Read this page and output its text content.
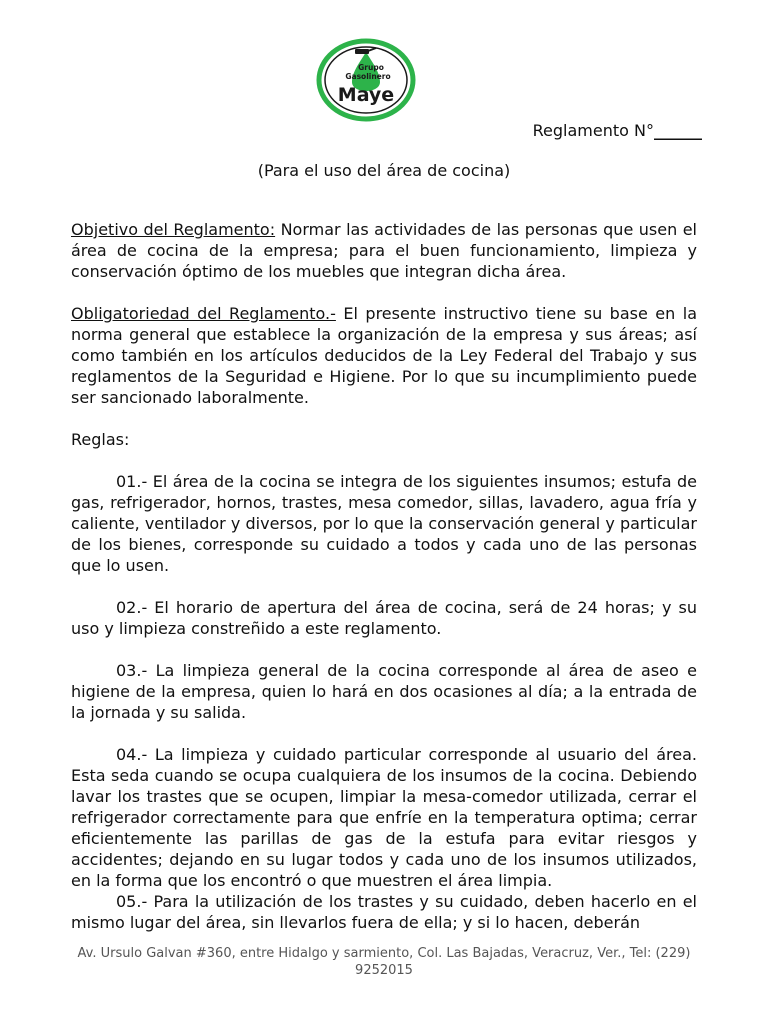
Grupo
Gasolinero
Maye
Reglamento N°______
(Para el uso del área de cocina)

Objetivo del Reglamento: Normar las actividades de las personas que usen el área de cocina de la empresa; para el buen funcionamiento, limpieza y conservación óptimo de los muebles que integran dicha área.

Obligatoriedad del Reglamento.- El presente instructivo tiene su base en la norma general que establece la organización de la empresa y sus áreas; así como también en los artículos deducidos de la Ley Federal del Trabajo y sus reglamentos de la Seguridad e Higiene. Por lo que su incumplimiento puede ser sancionado laboralmente.

Reglas:

01.- El área de la cocina se integra de los siguientes insumos; estufa de gas, refrigerador, hornos, trastes, mesa comedor, sillas, lavadero, agua fría y caliente, ventilador y diversos, por lo que la conservación general y particular de los bienes, corresponde su cuidado a todos y cada uno de las personas que lo usen.

02.- El horario de apertura del área de cocina, será de 24 horas; y su uso y limpieza constreñido a este reglamento.

03.- La limpieza general de la cocina corresponde al área de aseo e higiene de la empresa, quien lo hará en dos ocasiones al día; a la entrada de la jornada y su salida.

04.- La limpieza y cuidado particular corresponde al usuario del área. Esta seda cuando se ocupa cualquiera de los insumos de la cocina. Debiendo lavar los trastes que se ocupen, limpiar la mesa-comedor utilizada, cerrar el refrigerador correctamente para que enfríe en la temperatura optima; cerrar eficientemente las parillas de gas de la estufa para evitar riesgos y accidentes; dejando en su lugar todos y cada uno de los insumos utilizados, en la forma que los encontró o que muestren el área limpia.

05.- Para la utilización de los trastes y su cuidado, deben hacerlo en el mismo lugar del área, sin llevarlos fuera de ella; y si lo hacen, deberán

Av. Ursulo Galvan #360, entre Hidalgo y sarmiento, Col. Las Bajadas, Veracruz, Ver., Tel: (229) 9252015
